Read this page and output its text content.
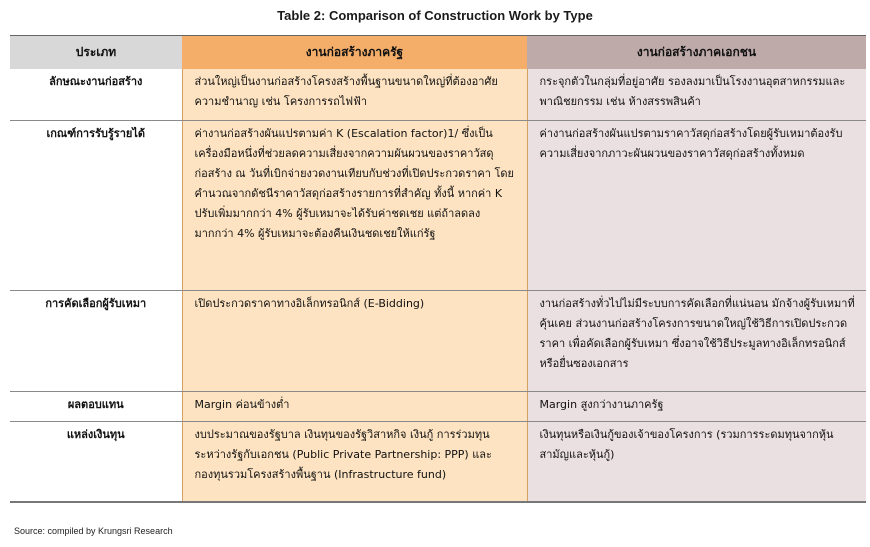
Table 2: Comparison of Construction Work by Type
ประเภท	งานก่อสร้างภาครัฐ	งานก่อสร้างภาคเอกชน
ลักษณะงานก่อสร้าง	ส่วนใหญ่เป็นงานก่อสร้างโครงสร้างพื้นฐานขนาดใหญ่ที่ต้องอาศัยความชำนาญ เช่น โครงการรถไฟฟ้า	กระจุกตัวในกลุ่มที่อยู่อาศัย รองลงมาเป็นโรงงานอุตสาหกรรมและพาณิชยกรรม เช่น ห้างสรรพสินค้า
เกณฑ์การรับรู้รายได้	ค่างานก่อสร้างผันแปรตามค่า K (Escalation factor)1/ ซึ่งเป็นเครื่องมือหนึ่งที่ช่วยลดความเสี่ยงจากความผันผวนของราคาวัสดุก่อสร้าง ณ วันที่เบิกจ่ายงวดงานเทียบกับช่วงที่เปิดประกวดราคา โดยคำนวณจากดัชนีราคาวัสดุก่อสร้างรายการที่สำคัญ ทั้งนี้ หากค่า K ปรับเพิ่มมากกว่า 4% ผู้รับเหมาจะได้รับค่าชดเชย แต่ถ้าลดลงมากกว่า 4% ผู้รับเหมาจะต้องคืนเงินชดเชยให้แก่รัฐ	ค่างานก่อสร้างผันแปรตามราคาวัสดุก่อสร้างโดยผู้รับเหมาต้องรับความเสี่ยงจากภาวะผันผวนของราคาวัสดุก่อสร้างทั้งหมด
การคัดเลือกผู้รับเหมา	เปิดประกวดราคาทางอิเล็กทรอนิกส์ (E-Bidding)	งานก่อสร้างทั่วไปไม่มีระบบการคัดเลือกที่แน่นอน มักจ้างผู้รับเหมาที่คุ้นเคย ส่วนงานก่อสร้างโครงการขนาดใหญ่ใช้วิธีการเปิดประกวดราคา เพื่อคัดเลือกผู้รับเหมา ซึ่งอาจใช้วิธีประมูลทางอิเล็กทรอนิกส์หรือยื่นซองเอกสาร
ผลตอบแทน	Margin ค่อนข้างต่ำ	Margin สูงกว่างานภาครัฐ
แหล่งเงินทุน	งบประมาณของรัฐบาล เงินทุนของรัฐวิสาหกิจ เงินกู้ การร่วมทุนระหว่างรัฐกับเอกชน (Public Private Partnership: PPP) และกองทุนรวมโครงสร้างพื้นฐาน (Infrastructure fund)	เงินทุนหรือเงินกู้ของเจ้าของโครงการ (รวมการระดมทุนจากหุ้นสามัญและหุ้นกู้)
Source: compiled by Krungsri Research
